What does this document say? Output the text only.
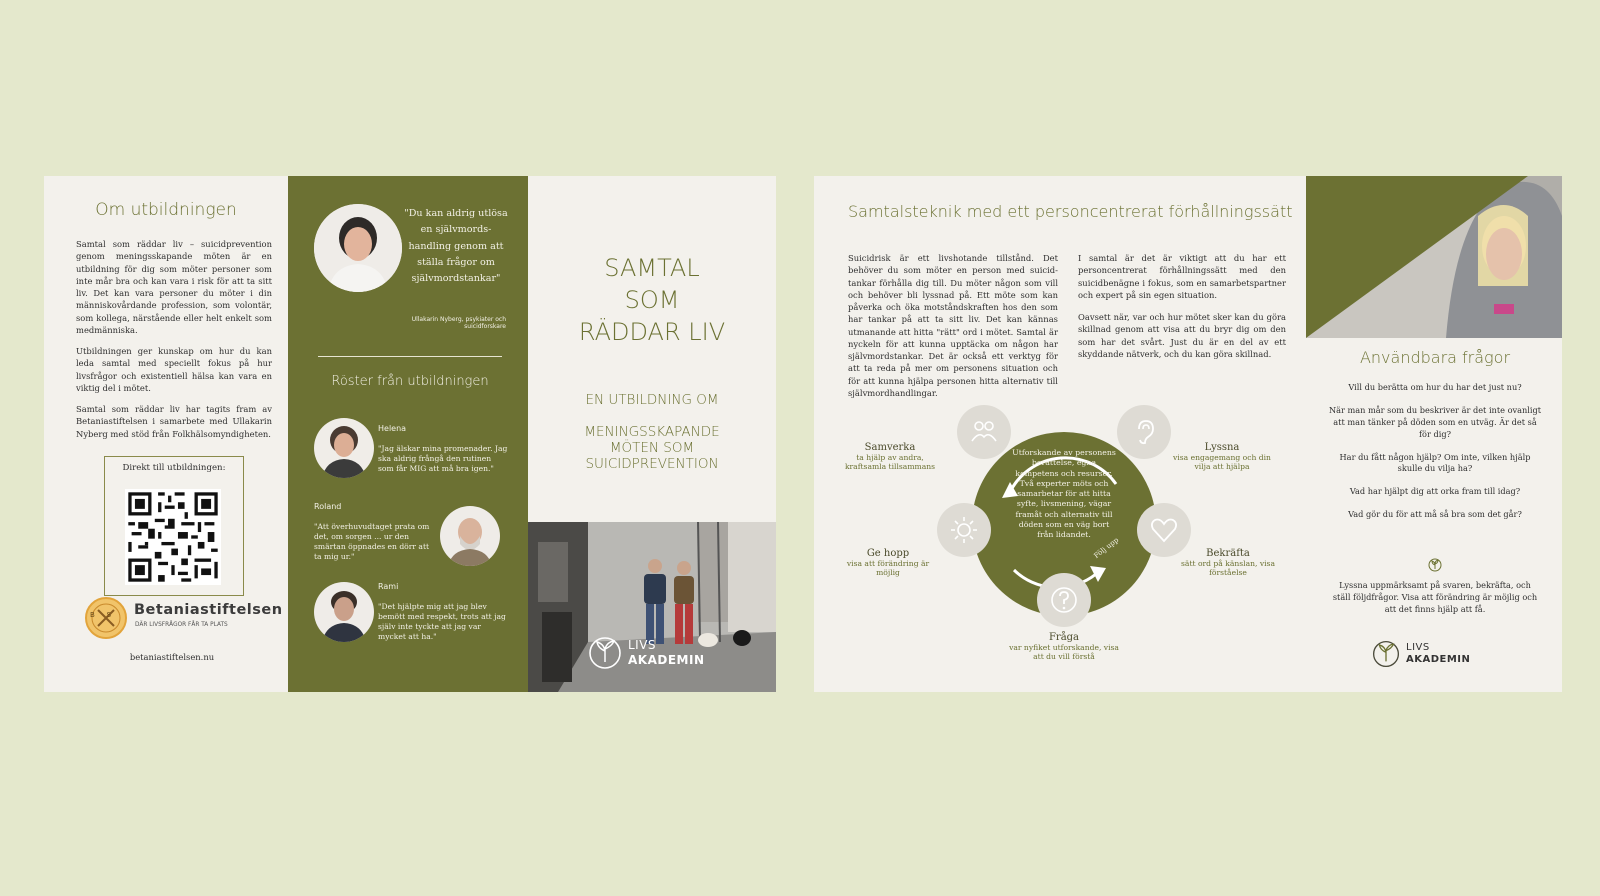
Om utbildningen

Samtal som räddar liv – suicidprevention genom meningsskapande möten är en utbildning för dig som möter personer som inte mår bra och kan vara i risk för att ta sitt liv. Det kan vara personer du möter i din människovårdande profession, som volontär, som kollega, närstående eller helt enkelt som medmänniska.

Utbildningen ger kunskap om hur du kan leda samtal med speciellt fokus på hur livsfrågor och existentiell hälsa kan vara en viktig del i mötet.

Samtal som räddar liv har tagits fram av Betaniastiftelsen i samarbete med Ullakarin Nyberg med stöd från Folkhälsomyndigheten.

Direkt till utbildningen:
BS Betaniastiftelsen
DÄR LIVSFRÅGOR FÅR TA PLATS
betaniastiftelsen.nu
"Du kan aldrig utlösa en självmords-handling genom att ställa frågor om självmordstankar"
Ullakarin Nyberg, psykiater och suicidforskare
Röster från utbildningen
Helena
"Jag älskar mina promenader. Jag ska aldrig frångå den rutinen som får MIG att må bra igen."
Roland
"Att överhuvudtaget prata om det, om sorgen ... ur den smärtan öppnades en dörr att ta mig ur."
Rami
"Det hjälpte mig att jag blev bemött med respekt, trots att jag själv inte tyckte att jag var mycket att ha."
SAMTAL
SOM
RÄDDAR LIV
EN UTBILDNING OM
MENINGSSKAPANDE
MÖTEN SOM
SUICIDPREVENTION
LIVS
AKADEMIN
Samtalsteknik med ett personcentrerat förhållningssätt
Suicidrisk är ett livshotande tillstånd. Det behöver du som möter en person med suicidtankar förhålla dig till. Du möter någon som vill och behöver bli lyssnad på. Ett möte som kan påverka och öka motståndskraften hos den som har tankar på att ta sitt liv. Det kan kännas utmanande att hitta "rätt" ord i mötet. Samtal är nyckeln för att kunna upptäcka om någon har självmordstankar. Det är också ett verktyg för att ta reda på mer om personens situation och för att kunna hjälpa personen hitta alternativ till självmordhandlingar.

I samtal är det är viktigt att du har ett personcentrerat förhållningssätt med den suicidbenägne i fokus, som en samarbetspartner och expert på sin egen situation.

Oavsett när, var och hur mötet sker kan du göra skillnad genom att visa att du bryr dig om den som har det svårt. Just du är en del av ett skyddande nätverk, och du kan göra skillnad.

Utforskande av personens berättelse, egna kompetens och resurser. Två experter möts och samarbetar för att hitta syfte, livsmening, vägar framåt och alternativ till döden som en väg bort från lidandet.
Följ upp
Samverka
ta hjälp av andra, kraftsamla tillsammans
Lyssna
visa engagemang och din vilja att hjälpa
Ge hopp
visa att förändring är möjlig
Bekräfta
sätt ord på känslan, visa förståelse
Fråga
var nyfiket utforskande, visa att du vill förstå
Användbara frågor

Vill du berätta om hur du har det just nu?

När man mår som du beskriver är det inte ovanligt att man tänker på döden som en utväg. Är det så för dig?

Har du fått någon hjälp? Om inte, vilken hjälp skulle du vilja ha?

Vad har hjälpt dig att orka fram till idag?

Vad gör du för att må så bra som det går?

Lyssna uppmärksamt på svaren, bekräfta, och ställ följdfrågor. Visa att förändring är möjlig och att det finns hjälp att få.
LIVS
AKADEMIN
